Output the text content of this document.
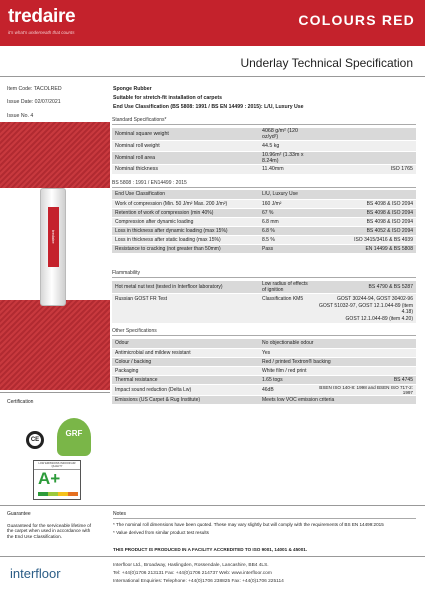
tredaire
it's what's underneath that counts
COLOURS RED
Underlay Technical Specification
Item Code: TACOLRED
Issue Date: 02/07/2021
Issue No. 4
Sponge Rubber
Suitable for stretch-fit installation of carpets
End Use Classification (BS 5808: 1991 / BS EN 14499 : 2015): L/U, Luxury Use
tredaire
Standard Specifications*
Nominal square weight	4068 g/m² (120 oz/yd²)	
Nominal roll weight	44.5 kg	
Nominal roll area	10.96m² (1.33m x 8.24m)	
Nominal thickness	11.40mm	ISO 1765
BS 5808 : 1991 / EN14499 : 2015
End Use Classification	L/U, Luxury Use	
Work of compression (Min. 50 J/m² Max. 200 J/m²)	160 J/m²	BS 4098 & ISO 2094
Retention of work of compression (min 40%)	67 %	BS 4098 & ISO 2094
Compression after dynamic loading	6.8 mm	BS 4098 & ISO 2094
Loss in thickness after dynamic loading (max 15%)	6.8 %	BS 4052 & ISO 2094
Loss in thickness after static loading (max 15%)	8.5 %	ISO 3415/3416 & BS 4939
Resistance to cracking (not greater than 50mm)	Pass	EN 14499 & BS 5808
Flammability
Hot metal nut test (tested in Interfloor laboratory)	Low radius of effects of ignition	BS 4790 & BS 5287
Russian GOST FR Test	Classification KM5	GOST 30244-94, GOST 30402-96
GOST 51032-97, GOST 12.1.044-89 (item 4.18)
GOST 12.1.044-89 (item 4.20)
Other Specifications
Odour	No objectionable odour	
Antimicrobial and mildew resistant	Yes	
Colour / backing	Red / printed Textron® backing	
Packaging	White film / red print	
Thermal resistance	1.65 togs	BS 4745
Impact sound reduction (Delta Lw)	46dB	BSEN ISO 140-8: 1998 and BSEN ISO 717-2: 1997
Emissions (US Carpet & Rug Institute)	Meets low VOC emission criteria	
Certification
CE
GRF
LOW EMISSIONS INDOOR AIR QUALITY
A+
Guarantee
Guaranteed for the serviceable lifetime of the carpet when used in accordance with the End Use Classification.
Notes
* The nominal roll dimensions have been quoted. These may vary slightly but will comply with the requirements of BS EN 14499:2015
* Value derived from similar product test results
THIS PRODUCT IS PRODUCED IN A FACILITY ACCREDITED TO ISO 9001, 14001 & 45001.
interfloor
Interfloor Ltd., Broadway, Haslingden, Rossendale, Lancashire, BB4 4LS.
Tel: +44(0)1706 213131 Fax: +44(0)1706 214737 Web: www.interfloor.com
International Enquiries: Telephone: +44(0)1706 238825 Fax: +44(0)1706 225114
